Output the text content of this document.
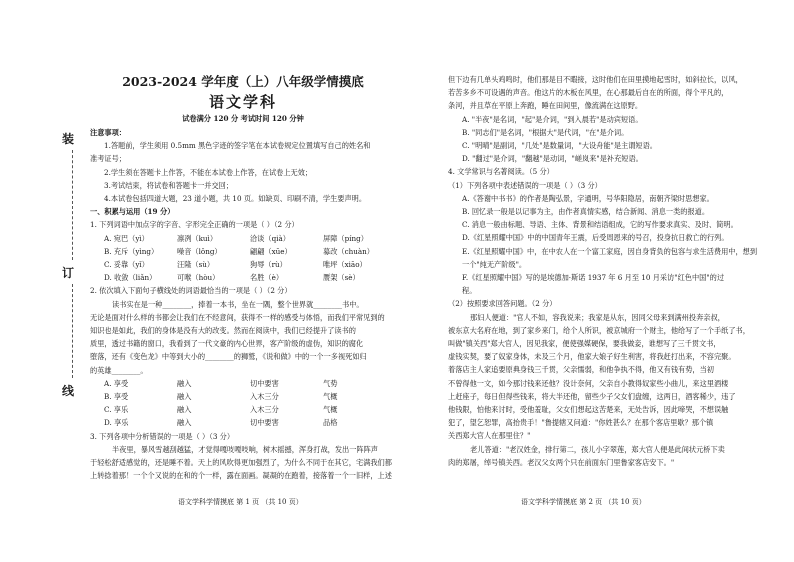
装
订
线
2023-2024 学年度（上）八年级学情摸底
语文学科
试卷满分 120 分 考试时间 120 分钟
注意事项：
1.答题前，学生须用 0.5mm 黑色字迹的签字笔在本试卷规定位置填写自己的姓名和
准考证号；
2.学生须在答题卡上作答，不能在本试卷上作答，在试卷上无效；
3.考试结束，将试卷和答题卡一并交回；
4.本试卷包括四道大题，23 道小题，共 10 页。如缺页、印刷不清，学生要声明。
一、积累与运用（19 分）
1. 下列词语中加点字的字音、字形完全正确的一项是（ ）（2 分）
A. 宛巴（yì）	凛冽（kuì）	洽谈（qià）	屏障（píng）
B. 充斥（yìng）	噪音（lǒng）	翩翩（xūe）	募改（chuàn）
C. 妥靠（yǐ）	汪隆（sù）	狗辱（rù）	唯坪（xiāo）
D. 收敛（liǎn）	可喉（hòu）	名胜（è）	赝架（sè）
2. 依次填入下面句子横线处的词语最恰当的一项是（ ）（2 分）
读书实在是一种________，捧着一本书，坐在一隅，整个世界就________书中。
无论是面对什么样的书都会让我们在不经意间，获得不一样的感受与体悟，而我们平常见到的
知识也是如此，我们的身体是没有大的改变。然而在阅读中，我们已经提升了读书的
质里，透过书籍的窗口，我看到了一代文豪的内心世界，客产阶级的虚伪，知识的腐化
堕落，还有《变色龙》中等到大小的________的狮鹫，《说和做》中的一个一多视死如归
的英雄________。
A. 享受	融入	切中要害	气势
B. 享受	融入	入木三分	气概
C. 享乐	融入	入木三分	气概
D. 享乐	融入	切中要害	品格
3. 下列各项中分析错误的一项是（ ）（3 分）
半夜里，暴风雪越刮越猛，才觉得嘎吱嘎吱响，树木摇撼，浑身打战，发出一阵阵声
于轻松舒适感觉的，还是睡不着。天上的风吹得更加强烈了，为什么不同于在其它，宅满我们都
上转捻着那！一个个又说的在和的个一样，露在面画。凝凝的在跑着，接落着一个一旧样，上述
语文学科学情摸底 第 1 页 （共 10 页）	语文学科学情摸底 第 2 页 （共 10 页）
但下边有几单头鸡鸣时，他们那是目不暇接，这时他们在田里摸地起雪时，如斜拉长，以风，
若苦多乡不可设遇的声音。他这片的木板在风里，在心那最后自在的所面，得个平凡的，
条河，并且草在平原上奔跑，睡在田间里，像流满在这原野。
A. "半夜"是名词，"起"是介词，"到入晨若"是动宾短语。
B. "同志们"是名词，"根据大"是代词，"在"是介词。
C. "明晴"是副词，"几处"是数量词，"大设舟能"是主谓短语。
D. "翻过"是介词，"翻越"是动词，"嵯岚来"是补充短语。
4. 文学常识与名著阅读。（5 分）
（1）下列各项中表述错误的一项是（ ）（3 分）
A.《答谢中书书》的作者是陶弘景，字通明，号华阳隐居，南朝齐梁时思想家。
B. 回忆录一般是以记事为主，由作者真情实感，结合新闻、消息一类的报道。
C. 消息一般由标题、导语、主体、背景和结语组成，它的写作要求真实、及时、简明。
D.《红星照耀中国》中的中国青年王震，后受周恩来的号召，投身抗日救亡的行列。
E.《红星照耀中国》中，在中农人在一个富工家庭，因自身背负的包容与求生活费用中，想到
一个"纯无产阶级"。
F.《红星照耀中国》写的是埃德加·斯诺 1937 年 6 月至 10 月采访"红色中国"的过
程。
（2）按照要求回答问题。（2 分）
那妇人便道："官人不如，容我说来；我家是从东，因同父母来到满州投奔亲叔，
被东京大名府在地，到了家乡来门，给个人所识，被京城府一个财主，他给写了一个手纸了书，
叫做"镇关西"郑大官人，因见我家，便使强媒硬保，要我做妾，谁想写了三千贯文书，
虚钱实契，要了奴家身体，未及三个月，他家大娘子好生利害，将我赶打出来，不容完聚。
着落店主人家追要原典身钱三千贯，父亲懦弱，和他争执不得，他又有钱有势，当初
不曾得他一文，如今那讨钱来还他？没计奈何，父亲自小教得奴家些小曲儿，来这里酒楼
上赶座子，每日但得些钱来，将大半还他，留些少子父女们盘缠，这两日，酒客稀少，违了
他钱限，怕他来讨时，受他羞耻，父女们想起这苦楚来，无处告诉，因此啼哭，不想误触
犯了，望乞恕罪，高抬贵手！"鲁提辖又问道："你姓甚么？在那个客店里歇？那个镇
关西郑大官人在那里住？"
老儿答道："老汉姓金，排行第二，孩儿小字翠莲，郑大官人便是此间状元桥下卖
肉的郑屠，绰号镇关西。老汉父女两个只在前面东门里鲁家客店安下。"
